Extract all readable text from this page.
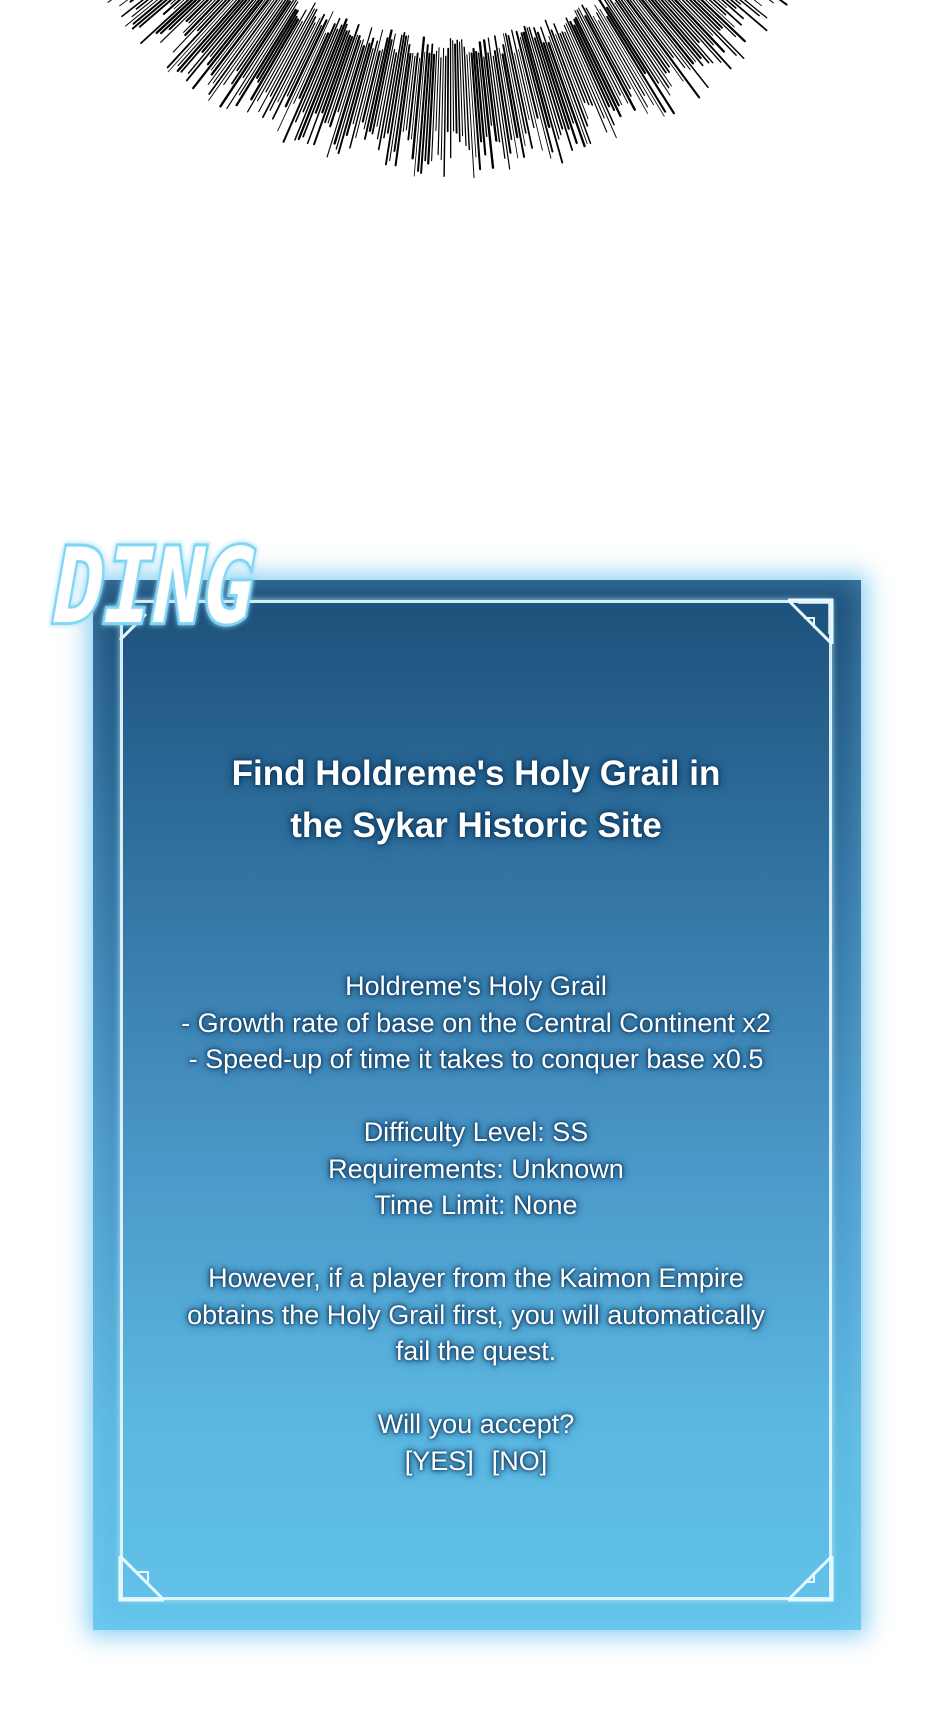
DING
Find Holdreme's Holy Grail in
the Sykar Historic Site
Holdreme's Holy Grail
- Growth rate of base on the Central Continent x2
- Speed-up of time it takes to conquer base x0.5
Difficulty Level: SS
Requirements: Unknown
Time Limit: None
However, if a player from the Kaimon Empire
obtains the Holy Grail first, you will automatically
fail the quest.
Will you accept?
[YES] [NO]
